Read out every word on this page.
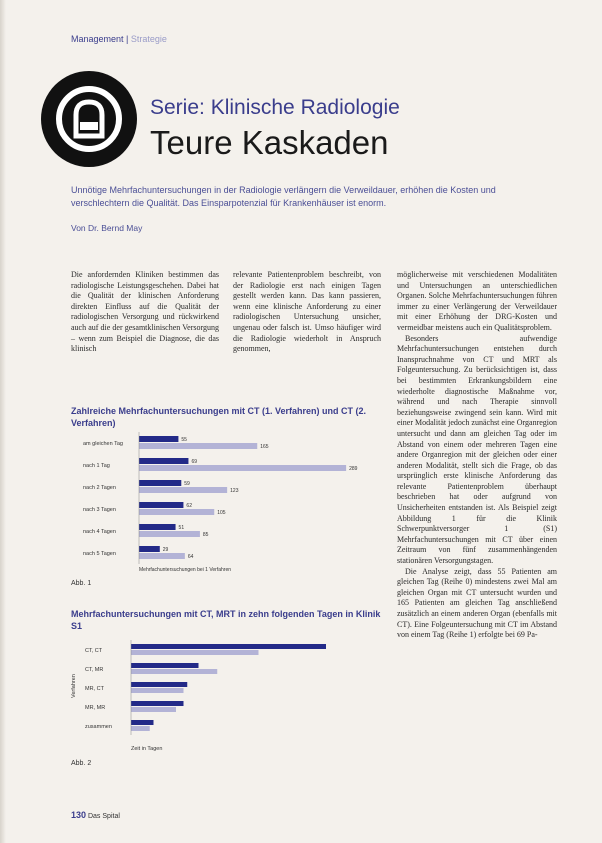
Management | Strategie
Serie: Klinische Radiologie
Teure Kaskaden
Unnötige Mehrfachuntersuchungen in der Radiologie verlängern die Verweildauer, erhöhen die Kosten und verschlechtern die Qualität. Das Einsparpotenzial für Krankenhäuser ist enorm.
Von Dr. Bernd May

Die anfordernden Kliniken bestimmen das radiologische Leistungsgeschehen. Dabei hat die Qualität der klinischen Anforderung direkten Einfluss auf die Qualität der radiologischen Versorgung und rückwirkend auch auf die der gesamtklinischen Versorgung – wenn zum Beispiel die Diagnose, die das klinisch

relevante Patientenproblem beschreibt, von der Radiologie erst nach einigen Tagen gestellt werden kann. Das kann passieren, wenn eine klinische Anforderung zu einer radiologischen Untersuchung unsicher, ungenau oder falsch ist. Umso häufiger wird die Radiologie wiederholt in Anspruch genommen,

möglicherweise mit verschiedenen Modalitäten und Untersuchungen an unterschiedlichen Organen. Solche Mehrfachuntersuchungen führen immer zu einer Verlängerung der Verweildauer mit einer Erhöhung der DRG-Kosten und vermeidbar meistens auch ein Qualitätsproblem.

Besonders aufwendige Mehrfachuntersuchungen entstehen durch Inanspruchnahme von CT und MRT als Folgeuntersuchung. Zu berücksichtigen ist, dass bei bestimmten Erkrankungsbildern eine wiederholte diagnostische Maßnahme vor, während und nach Therapie sinnvoll beziehungsweise zwingend sein kann. Wird mit einer Modalität jedoch zunächst eine Organregion untersucht und dann am gleichen Tag oder im Abstand von einem oder mehreren Tagen eine andere Organregion mit der gleichen oder einer anderen Modalität, stellt sich die Frage, ob das ursprünglich erste klinische Anforderung das relevante Patientenproblem überhaupt beschrieben hat oder aufgrund von Unsicherheiten entstanden ist. Als Beispiel zeigt Abbildung 1 für die Klinik Schwerpunktversorger 1 (S1) Mehrfachuntersuchungen mit CT über einen Zeitraum von fünf zusammenhängenden stationären Versorgungstagen.

Die Analyse zeigt, dass 55 Patienten am gleichen Tag (Reihe 0) mindestens zwei Mal am gleichen Organ mit CT untersucht wurden und 165 Patienten am gleichen Tag anschließend zusätzlich an einem anderen Organ (ebenfalls mit CT). Eine Folgeuntersuchung mit CT im Abstand von einem Tag (Reihe 1) erfolgte bei 69 Pa-

Zahlreiche Mehrfachuntersuchungen mit CT (1. Verfahren) und CT (2. Verfahren)
am gleichen Tag
55
165
nach 1 Tag
69
289
nach 2 Tagen
59
123
nach 3 Tagen
62
105
nach 4 Tagen
51
85
nach 5 Tagen
29
64
Mehrfachuntersuchungen bei 1 Verfahren
Abb. 1
Mehrfachuntersuchungen mit CT, MRT in zehn folgenden Tagen in Klinik S1
Verfahren
CT, CT
CT, MR
MR, CT
MR, MR
zusammen
Zeit in Tagen
Abb. 2
130 Das Spital
